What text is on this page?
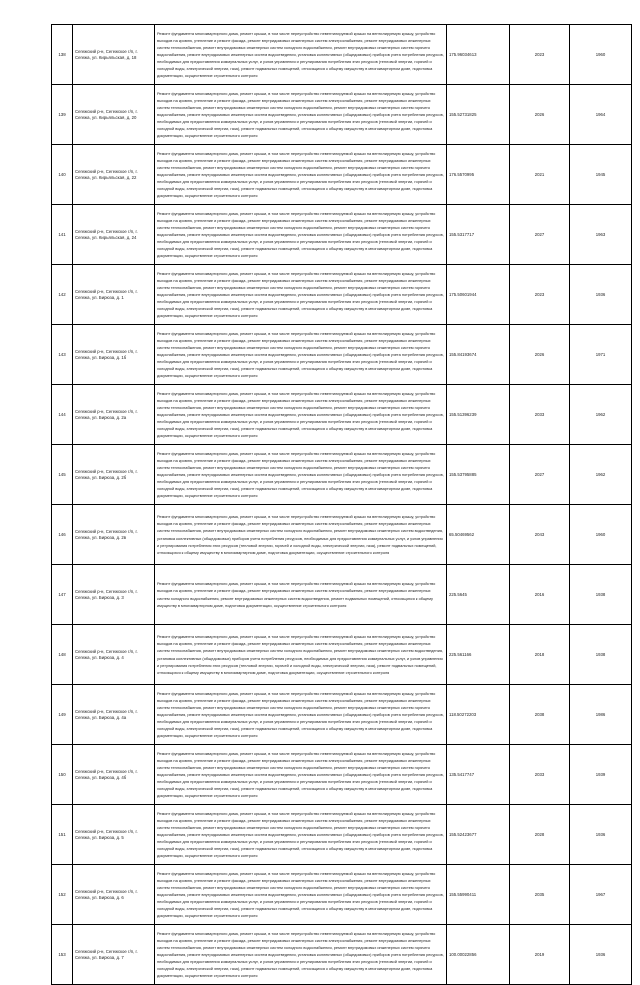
138	Сегежский р-н, Сегежское г/п, г. Сегежа, ул. Кирьяльская, д. 18	Ремонт фундамента многоквартирного дома, ремонт крыши, в том числе переустройство невентилируемой крыши на вентилируемую крышу, устройство выходов на кровлю, утепление и ремонт фасада, ремонт внутридомовых инженерных систем электроснабжения, ремонт внутридомовых инженерных систем теплоснабжения, ремонт внутридомовых инженерных систем холодного водоснабжения, ремонт внутридомовых инженерных систем горячего водоснабжения, ремонт внутридомовых инженерных систем водоотведения, установка коллективных (общедомовых) приборов учета потребления ресурсов, необходимых для предоставления коммунальных услуг, и узлов управления и регулирования потребления этих ресурсов (тепловой энергии, горячей и холодной воды, электрической энергии, газа), ремонт подвальных помещений, относящихся к общему имуществу в многоквартирном доме, подготовка документации, осуществление строительного контроля	175.96034613	2023	1960
139	Сегежский р-н, Сегежское г/п, г. Сегежа, ул. Кирьяльская, д. 20	Ремонт фундамента многоквартирного дома, ремонт крыши, в том числе переустройство невентилируемой крыши на вентилируемую крышу, устройство выходов на кровлю, утепление и ремонт фасада, ремонт внутридомовых инженерных систем электроснабжения, ремонт внутридомовых инженерных систем теплоснабжения, ремонт внутридомовых инженерных систем холодного водоснабжения, ремонт внутридомовых инженерных систем горячего водоснабжения, ремонт внутридомовых инженерных систем водоотведения, установка коллективных (общедомовых) приборов учета потребления ресурсов, необходимых для предоставления коммунальных услуг, и узлов управления и регулирования потребления этих ресурсов (тепловой энергии, горячей и холодной воды, электрической энергии, газа), ремонт подвальных помещений, относящихся к общему имуществу в многоквартирном доме, подготовка документации, осуществление строительного контроля	155.52731825	2026	1964
140	Сегежский р-н, Сегежское г/п, г. Сегежа, ул. Кирьяльская, д. 22	Ремонт фундамента многоквартирного дома, ремонт крыши, в том числе переустройство невентилируемой крыши на вентилируемую крышу, устройство выходов на кровлю, утепление и ремонт фасада, ремонт внутридомовых инженерных систем электроснабжения, ремонт внутридомовых инженерных систем теплоснабжения, ремонт внутридомовых инженерных систем холодного водоснабжения, ремонт внутридомовых инженерных систем горячего водоснабжения, ремонт внутридомовых инженерных систем водоотведения, установка коллективных (общедомовых) приборов учета потребления ресурсов, необходимых для предоставления коммунальных услуг, и узлов управления и регулирования потребления этих ресурсов (тепловой энергии, горячей и холодной воды, электрической энергии, газа), ремонт подвальных помещений, относящихся к общему имуществу в многоквартирном доме, подготовка документации, осуществление строительного контроля	176.5570995	2021	1945
141	Сегежский р-н, Сегежское г/п, г. Сегежа, ул. Кирьяльская, д. 24	Ремонт фундамента многоквартирного дома, ремонт крыши, в том числе переустройство невентилируемой крыши на вентилируемую крышу, устройство выходов на кровлю, утепление и ремонт фасада, ремонт внутридомовых инженерных систем электроснабжения, ремонт внутридомовых инженерных систем теплоснабжения, ремонт внутридомовых инженерных систем холодного водоснабжения, ремонт внутридомовых инженерных систем горячего водоснабжения, ремонт внутридомовых инженерных систем водоотведения, установка коллективных (общедомовых) приборов учета потребления ресурсов, необходимых для предоставления коммунальных услуг, и узлов управления и регулирования потребления этих ресурсов (тепловой энергии, горячей и холодной воды, электрической энергии, газа), ремонт подвальных помещений, относящихся к общему имуществу в многоквартирном доме, подготовка документации, осуществление строительного контроля	155.5317717	2027	1963
142	Сегежский р-н, Сегежское г/п, г. Сегежа, ул. Бирюза, д. 1	Ремонт фундамента многоквартирного дома, ремонт крыши, в том числе переустройство невентилируемой крыши на вентилируемую крышу, устройство выходов на кровлю, утепление и ремонт фасада, ремонт внутридомовых инженерных систем электроснабжения, ремонт внутридомовых инженерных систем теплоснабжения, ремонт внутридомовых инженерных систем холодного водоснабжения, ремонт внутридомовых инженерных систем горячего водоснабжения, ремонт внутридомовых инженерных систем водоотведения, установка коллективных (общедомовых) приборов учета потребления ресурсов, необходимых для предоставления коммунальных услуг, и узлов управления и регулирования потребления этих ресурсов (тепловой энергии, горячей и холодной воды, электрической энергии, газа), ремонт подвальных помещений, относящихся к общему имуществу в многоквартирном доме, подготовка документации, осуществление строительного контроля	175.50601944	2023	1936
143	Сегежский р-н, Сегежское г/п, г. Сегежа, ул. Бирюза, д. 1б	Ремонт фундамента многоквартирного дома, ремонт крыши, в том числе переустройство невентилируемой крыши на вентилируемую крышу, устройство выходов на кровлю, утепление и ремонт фасада, ремонт внутридомовых инженерных систем электроснабжения, ремонт внутридомовых инженерных систем теплоснабжения, ремонт внутридомовых инженерных систем холодного водоснабжения, ремонт внутридомовых инженерных систем горячего водоснабжения, ремонт внутридомовых инженерных систем водоотведения, установка коллективных (общедомовых) приборов учета потребления ресурсов, необходимых для предоставления коммунальных услуг, и узлов управления и регулирования потребления этих ресурсов (тепловой энергии, горячей и холодной воды, электрической энергии, газа), ремонт подвальных помещений, относящихся к общему имуществу в многоквартирном доме, подготовка документации, осуществление строительного контроля	155.84193674	2026	1971
144	Сегежский р-н, Сегежское г/п, г. Сегежа, ул. Бирюза, д. 2а	Ремонт фундамента многоквартирного дома, ремонт крыши, в том числе переустройство невентилируемой крыши на вентилируемую крышу, устройство выходов на кровлю, утепление и ремонт фасада, ремонт внутридомовых инженерных систем электроснабжения, ремонт внутридомовых инженерных систем теплоснабжения, ремонт внутридомовых инженерных систем холодного водоснабжения, ремонт внутридомовых инженерных систем горячего водоснабжения, ремонт внутридомовых инженерных систем водоотведения, установка коллективных (общедомовых) приборов учета потребления ресурсов, необходимых для предоставления коммунальных услуг, и узлов управления и регулирования потребления этих ресурсов (тепловой энергии, горячей и холодной воды, электрической энергии, газа), ремонт подвальных помещений, относящихся к общему имуществу в многоквартирном доме, подготовка документации, осуществление строительного контроля	155.51396239	2033	1962
145	Сегежский р-н, Сегежское г/п, г. Сегежа, ул. Бирюза, д. 2б	Ремонт фундамента многоквартирного дома, ремонт крыши, в том числе переустройство невентилируемой крыши на вентилируемую крышу, устройство выходов на кровлю, утепление и ремонт фасада, ремонт внутридомовых инженерных систем электроснабжения, ремонт внутридомовых инженерных систем теплоснабжения, ремонт внутридомовых инженерных систем холодного водоснабжения, ремонт внутридомовых инженерных систем горячего водоснабжения, ремонт внутридомовых инженерных систем водоотведения, установка коллективных (общедомовых) приборов учета потребления ресурсов, необходимых для предоставления коммунальных услуг, и узлов управления и регулирования потребления этих ресурсов (тепловой энергии, горячей и холодной воды, электрической энергии, газа), ремонт подвальных помещений, относящихся к общему имуществу в многоквартирном доме, подготовка документации, осуществление строительного контроля	155.53795885	2027	1962
146	Сегежский р-н, Сегежское г/п, г. Сегежа, ул. Бирюза, д. 2в	Ремонт фундамента многоквартирного дома, ремонт крыши, в том числе переустройство невентилируемой крыши на вентилируемую крышу, устройство выходов на кровлю, утепление и ремонт фасада, ремонт внутридомовых инженерных систем электроснабжения, ремонт внутридомовых инженерных систем теплоснабжения, ремонт внутридомовых инженерных систем холодного водоснабжения, ремонт внутридомовых инженерных систем водоотведения, установка коллективных (общедомовых) приборов учета потребления ресурсов, необходимых для предоставления коммунальных услуг, и узлов управления и регулирования потребления этих ресурсов (тепловой энергии, горячей и холодной воды, электрической энергии, газа), ремонт подвальных помещений, относящихся к общему имуществу в многоквартирном доме, подготовка документации, осуществление строительного контроля	65.50469562	2043	1960
147	Сегежский р-н, Сегежское г/п, г. Сегежа, ул. Бирюза, д. 3	Ремонт фундамента многоквартирного дома, ремонт крыши, в том числе переустройство невентилируемой крыши на вентилируемую крышу, устройство выходов на кровлю, утепление и ремонт фасада, ремонт внутридомовых инженерных систем электроснабжения, ремонт внутридомовых инженерных систем холодного водоснабжения, ремонт внутридомовых инженерных систем водоотведения, ремонт подвальных помещений, относящихся к общему имуществу в многоквартирном доме, подготовка документации, осуществление строительного контроля	225.5645	2016	1938
148	Сегежский р-н, Сегежское г/п, г. Сегежа, ул. Бирюза, д. 4	Ремонт фундамента многоквартирного дома, ремонт крыши, в том числе переустройство невентилируемой крыши на вентилируемую крышу, устройство выходов на кровлю, утепление и ремонт фасада, ремонт внутридомовых инженерных систем электроснабжения, ремонт внутридомовых инженерных систем теплоснабжения, ремонт внутридомовых инженерных систем холодного водоснабжения, ремонт внутридомовых инженерных систем водоотведения, установка коллективных (общедомовых) приборов учета потребления ресурсов, необходимых для предоставления коммунальных услуг, и узлов управления и регулирования потребления этих ресурсов (тепловой энергии, горячей и холодной воды, электрической энергии, газа), ремонт подвальных помещений, относящихся к общему имуществу в многоквартирном доме, подготовка документации, осуществление строительного контроля	225.561166	2018	1938
149	Сегежский р-н, Сегежское г/п, г. Сегежа, ул. Бирюза, д. 4а	Ремонт фундамента многоквартирного дома, ремонт крыши, в том числе переустройство невентилируемой крыши на вентилируемую крышу, устройство выходов на кровлю, утепление и ремонт фасада, ремонт внутридомовых инженерных систем электроснабжения, ремонт внутридомовых инженерных систем теплоснабжения, ремонт внутридомовых инженерных систем холодного водоснабжения, ремонт внутридомовых инженерных систем горячего водоснабжения, ремонт внутридомовых инженерных систем водоотведения, установка коллективных (общедомовых) приборов учета потребления ресурсов, необходимых для предоставления коммунальных услуг, и узлов управления и регулирования потребления этих ресурсов (тепловой энергии, горячей и холодной воды, электрической энергии, газа), ремонт подвальных помещений, относящихся к общему имуществу в многоквартирном доме, подготовка документации, осуществление строительного контроля	118.50272203	2038	1986
150	Сегежский р-н, Сегежское г/п, г. Сегежа, ул. Бирюза, д. 4б	Ремонт фундамента многоквартирного дома, ремонт крыши, в том числе переустройство невентилируемой крыши на вентилируемую крышу, устройство выходов на кровлю, утепление и ремонт фасада, ремонт внутридомовых инженерных систем электроснабжения, ремонт внутридомовых инженерных систем теплоснабжения, ремонт внутридомовых инженерных систем холодного водоснабжения, ремонт внутридомовых инженерных систем горячего водоснабжения, ремонт внутридомовых инженерных систем водоотведения, установка коллективных (общедомовых) приборов учета потребления ресурсов, необходимых для предоставления коммунальных услуг, и узлов управления и регулирования потребления этих ресурсов (тепловой энергии, горячей и холодной воды, электрической энергии, газа), ремонт подвальных помещений, относящихся к общему имуществу в многоквартирном доме, подготовка документации, осуществление строительного контроля	135.5417747	2033	1939
151	Сегежский р-н, Сегежское г/п, г. Сегежа, ул. Бирюза, д. 5	Ремонт фундамента многоквартирного дома, ремонт крыши, в том числе переустройство невентилируемой крыши на вентилируемую крышу, устройство выходов на кровлю, утепление и ремонт фасада, ремонт внутридомовых инженерных систем электроснабжения, ремонт внутридомовых инженерных систем теплоснабжения, ремонт внутридомовых инженерных систем холодного водоснабжения, ремонт внутридомовых инженерных систем горячего водоснабжения, ремонт внутридомовых инженерных систем водоотведения, установка коллективных (общедомовых) приборов учета потребления ресурсов, необходимых для предоставления коммунальных услуг, и узлов управления и регулирования потребления этих ресурсов (тепловой энергии, горячей и холодной воды, электрической энергии, газа), ремонт подвальных помещений, относящихся к общему имуществу в многоквартирном доме, подготовка документации, осуществление строительного контроля	155.52423677	2028	1936
152	Сегежский р-н, Сегежское г/п, г. Сегежа, ул. Бирюза, д. 6	Ремонт фундамента многоквартирного дома, ремонт крыши, в том числе переустройство невентилируемой крыши на вентилируемую крышу, устройство выходов на кровлю, утепление и ремонт фасада, ремонт внутридомовых инженерных систем электроснабжения, ремонт внутридомовых инженерных систем теплоснабжения, ремонт внутридомовых инженерных систем холодного водоснабжения, ремонт внутридомовых инженерных систем горячего водоснабжения, ремонт внутридомовых инженерных систем водоотведения, установка коллективных (общедомовых) приборов учета потребления ресурсов, необходимых для предоставления коммунальных услуг, и узлов управления и регулирования потребления этих ресурсов (тепловой энергии, горячей и холодной воды, электрической энергии, газа), ремонт подвальных помещений, относящихся к общему имуществу в многоквартирном доме, подготовка документации, осуществление строительного контроля	155.55990411	2035	1967
153	Сегежский р-н, Сегежское г/п, г. Сегежа, ул. Бирюза, д. 7	Ремонт фундамента многоквартирного дома, ремонт крыши, в том числе переустройство невентилируемой крыши на вентилируемую крышу, устройство выходов на кровлю, утепление и ремонт фасада, ремонт внутридомовых инженерных систем электроснабжения, ремонт внутридомовых инженерных систем теплоснабжения, ремонт внутридомовых инженерных систем холодного водоснабжения, ремонт внутридомовых инженерных систем горячего водоснабжения, ремонт внутридомовых инженерных систем водоотведения, установка коллективных (общедомовых) приборов учета потребления ресурсов, необходимых для предоставления коммунальных услуг, и узлов управления и регулирования потребления этих ресурсов (тепловой энергии, горячей и холодной воды, электрической энергии, газа), ремонт подвальных помещений, относящихся к общему имуществу в многоквартирном доме, подготовка документации, осуществление строительного контроля	100.00022856	2019	1936
